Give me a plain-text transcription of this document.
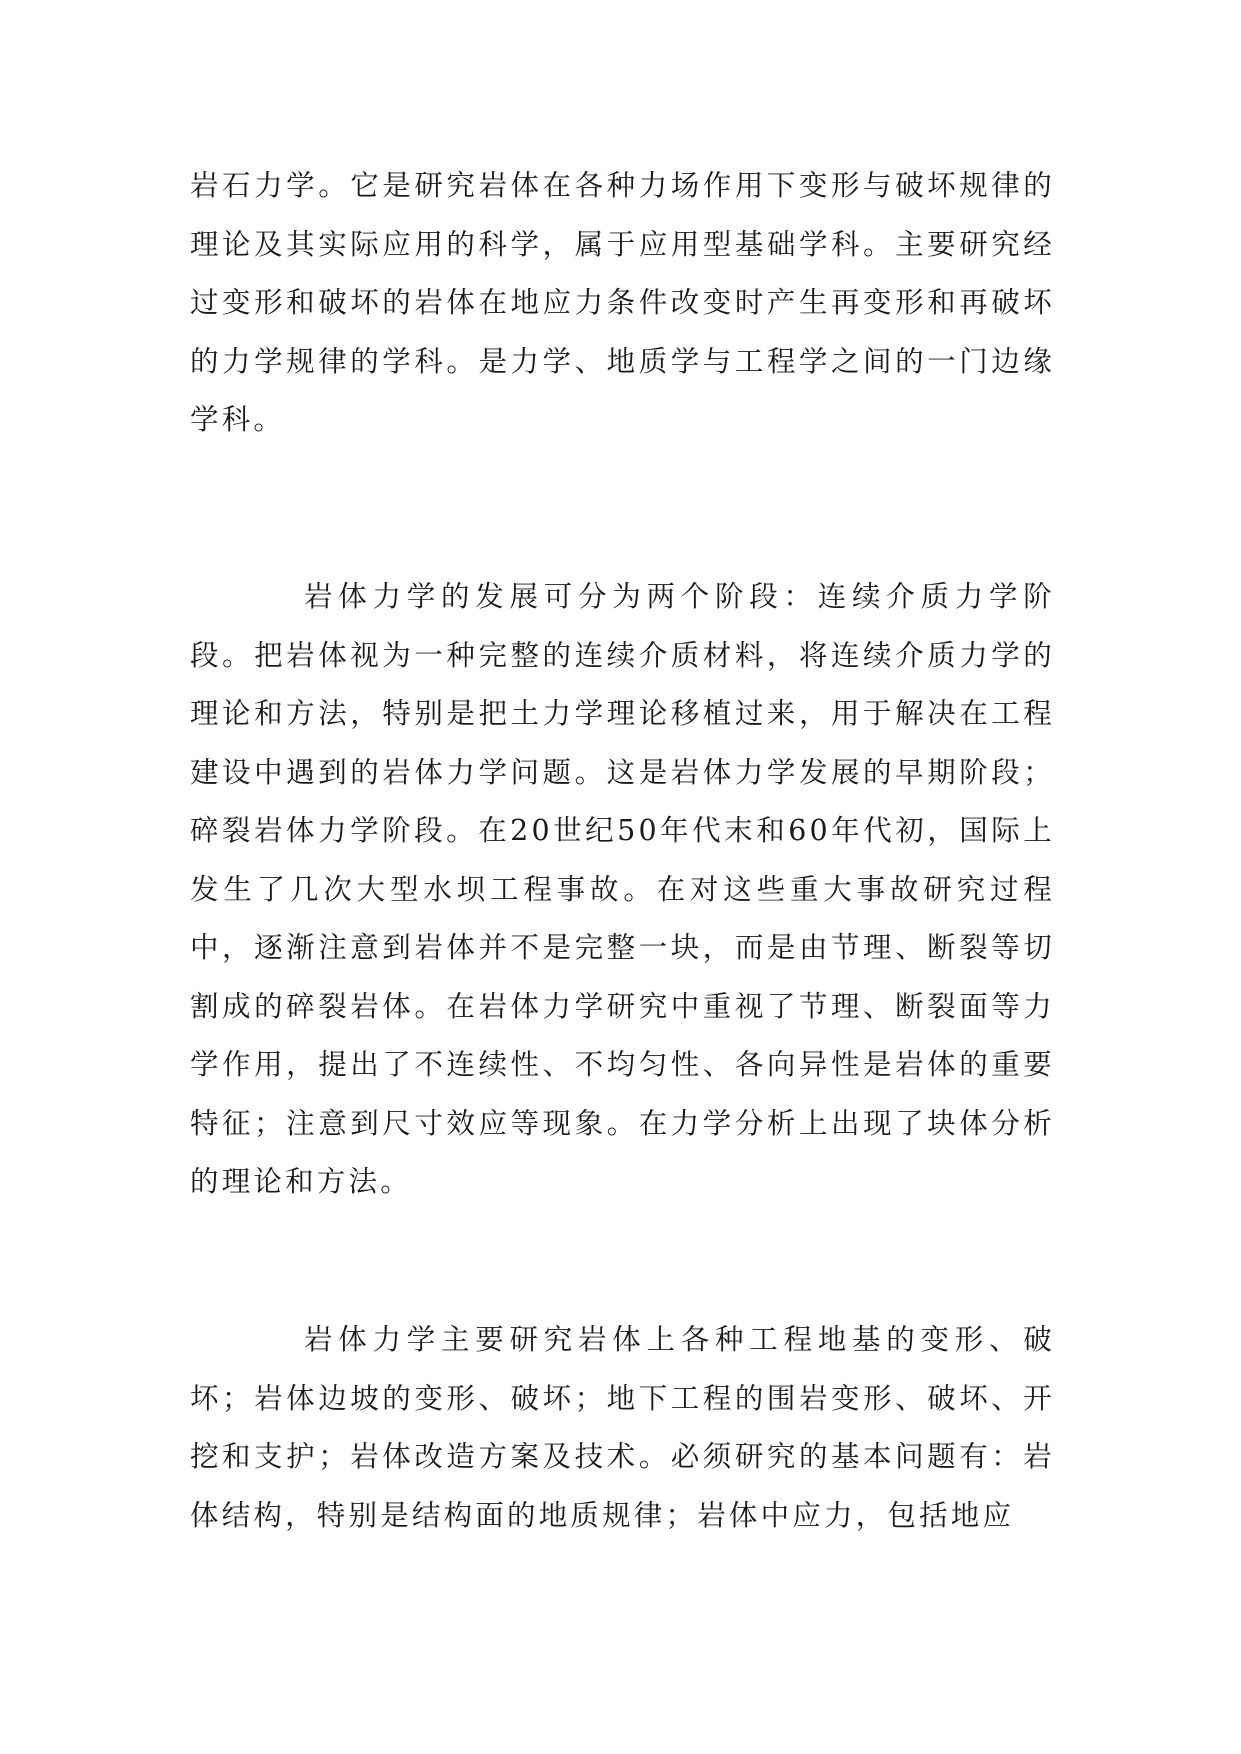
岩石力学。它是研究岩体在各种力场作用下变形与破坏规律的理论及其实际应用的科学，属于应用型基础学科。主要研究经过变形和破坏的岩体在地应力条件改变时产生再变形和再破坏的力学规律的学科。是力学、地质学与工程学之间的一门边缘学科。

岩体力学的发展可分为两个阶段：连续介质力学阶段。把岩体视为一种完整的连续介质材料，将连续介质力学的理论和方法，特别是把土力学理论移植过来，用于解决在工程建设中遇到的岩体力学问题。这是岩体力学发展的早期阶段；碎裂岩体力学阶段。在20世纪50年代末和60年代初，国际上发生了几次大型水坝工程事故。在对这些重大事故研究过程中，逐渐注意到岩体并不是完整一块，而是由节理、断裂等切割成的碎裂岩体。在岩体力学研究中重视了节理、断裂面等力学作用，提出了不连续性、不均匀性、各向异性是岩体的重要特征；注意到尺寸效应等现象。在力学分析上出现了块体分析的理论和方法。

岩体力学主要研究岩体上各种工程地基的变形、破坏；岩体边坡的变形、破坏；地下工程的围岩变形、破坏、开挖和支护；岩体改造方案及技术。必须研究的基本问题有：岩体结构，特别是结构面的地质规律；岩体中应力，包括地应
